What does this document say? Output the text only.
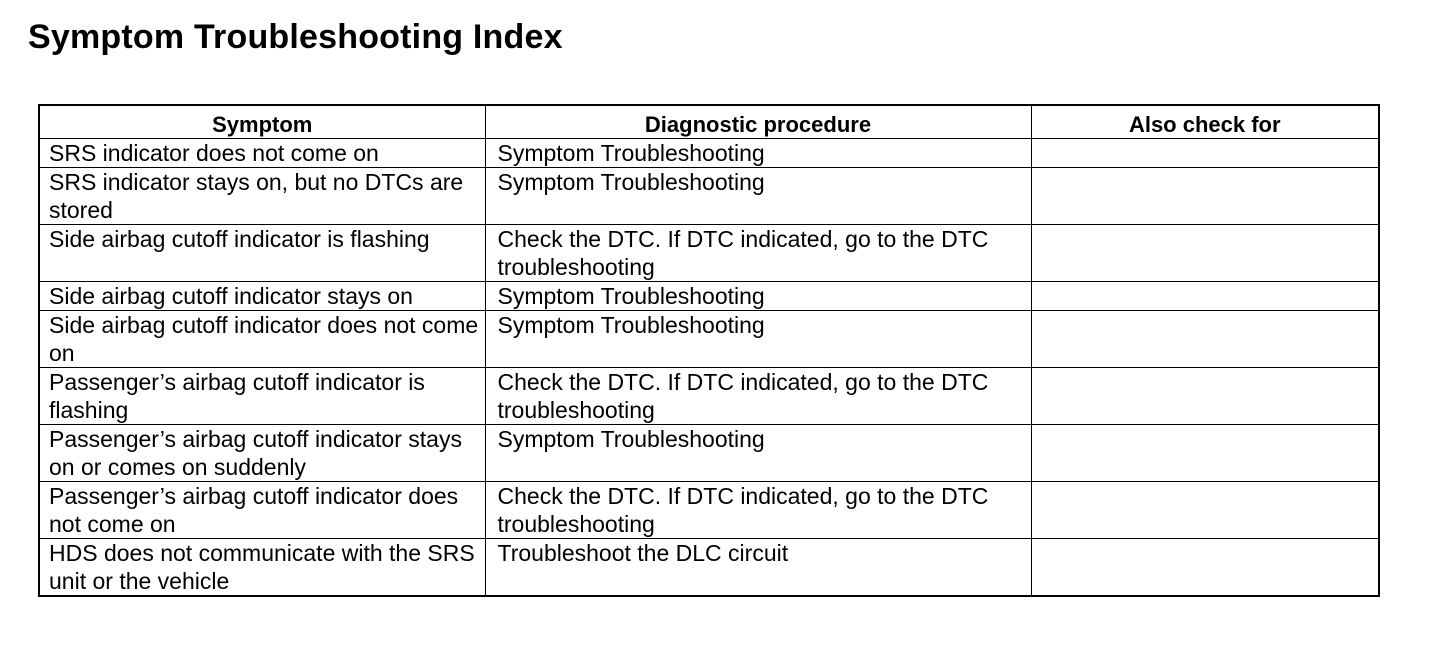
Symptom Troubleshooting Index
Symptom	Diagnostic procedure	Also check for
SRS indicator does not come on	Symptom Troubleshooting	
SRS indicator stays on, but no DTCs are stored	Symptom Troubleshooting	
Side airbag cutoff indicator is flashing	Check the DTC. If DTC indicated, go to the DTC troubleshooting	
Side airbag cutoff indicator stays on	Symptom Troubleshooting	
Side airbag cutoff indicator does not come on	Symptom Troubleshooting	
Passenger’s airbag cutoff indicator is flashing	Check the DTC. If DTC indicated, go to the DTC troubleshooting	
Passenger’s airbag cutoff indicator stays on or comes on suddenly	Symptom Troubleshooting	
Passenger’s airbag cutoff indicator does not come on	Check the DTC. If DTC indicated, go to the DTC troubleshooting	
HDS does not communicate with the SRS unit or the vehicle	Troubleshoot the DLC circuit	
